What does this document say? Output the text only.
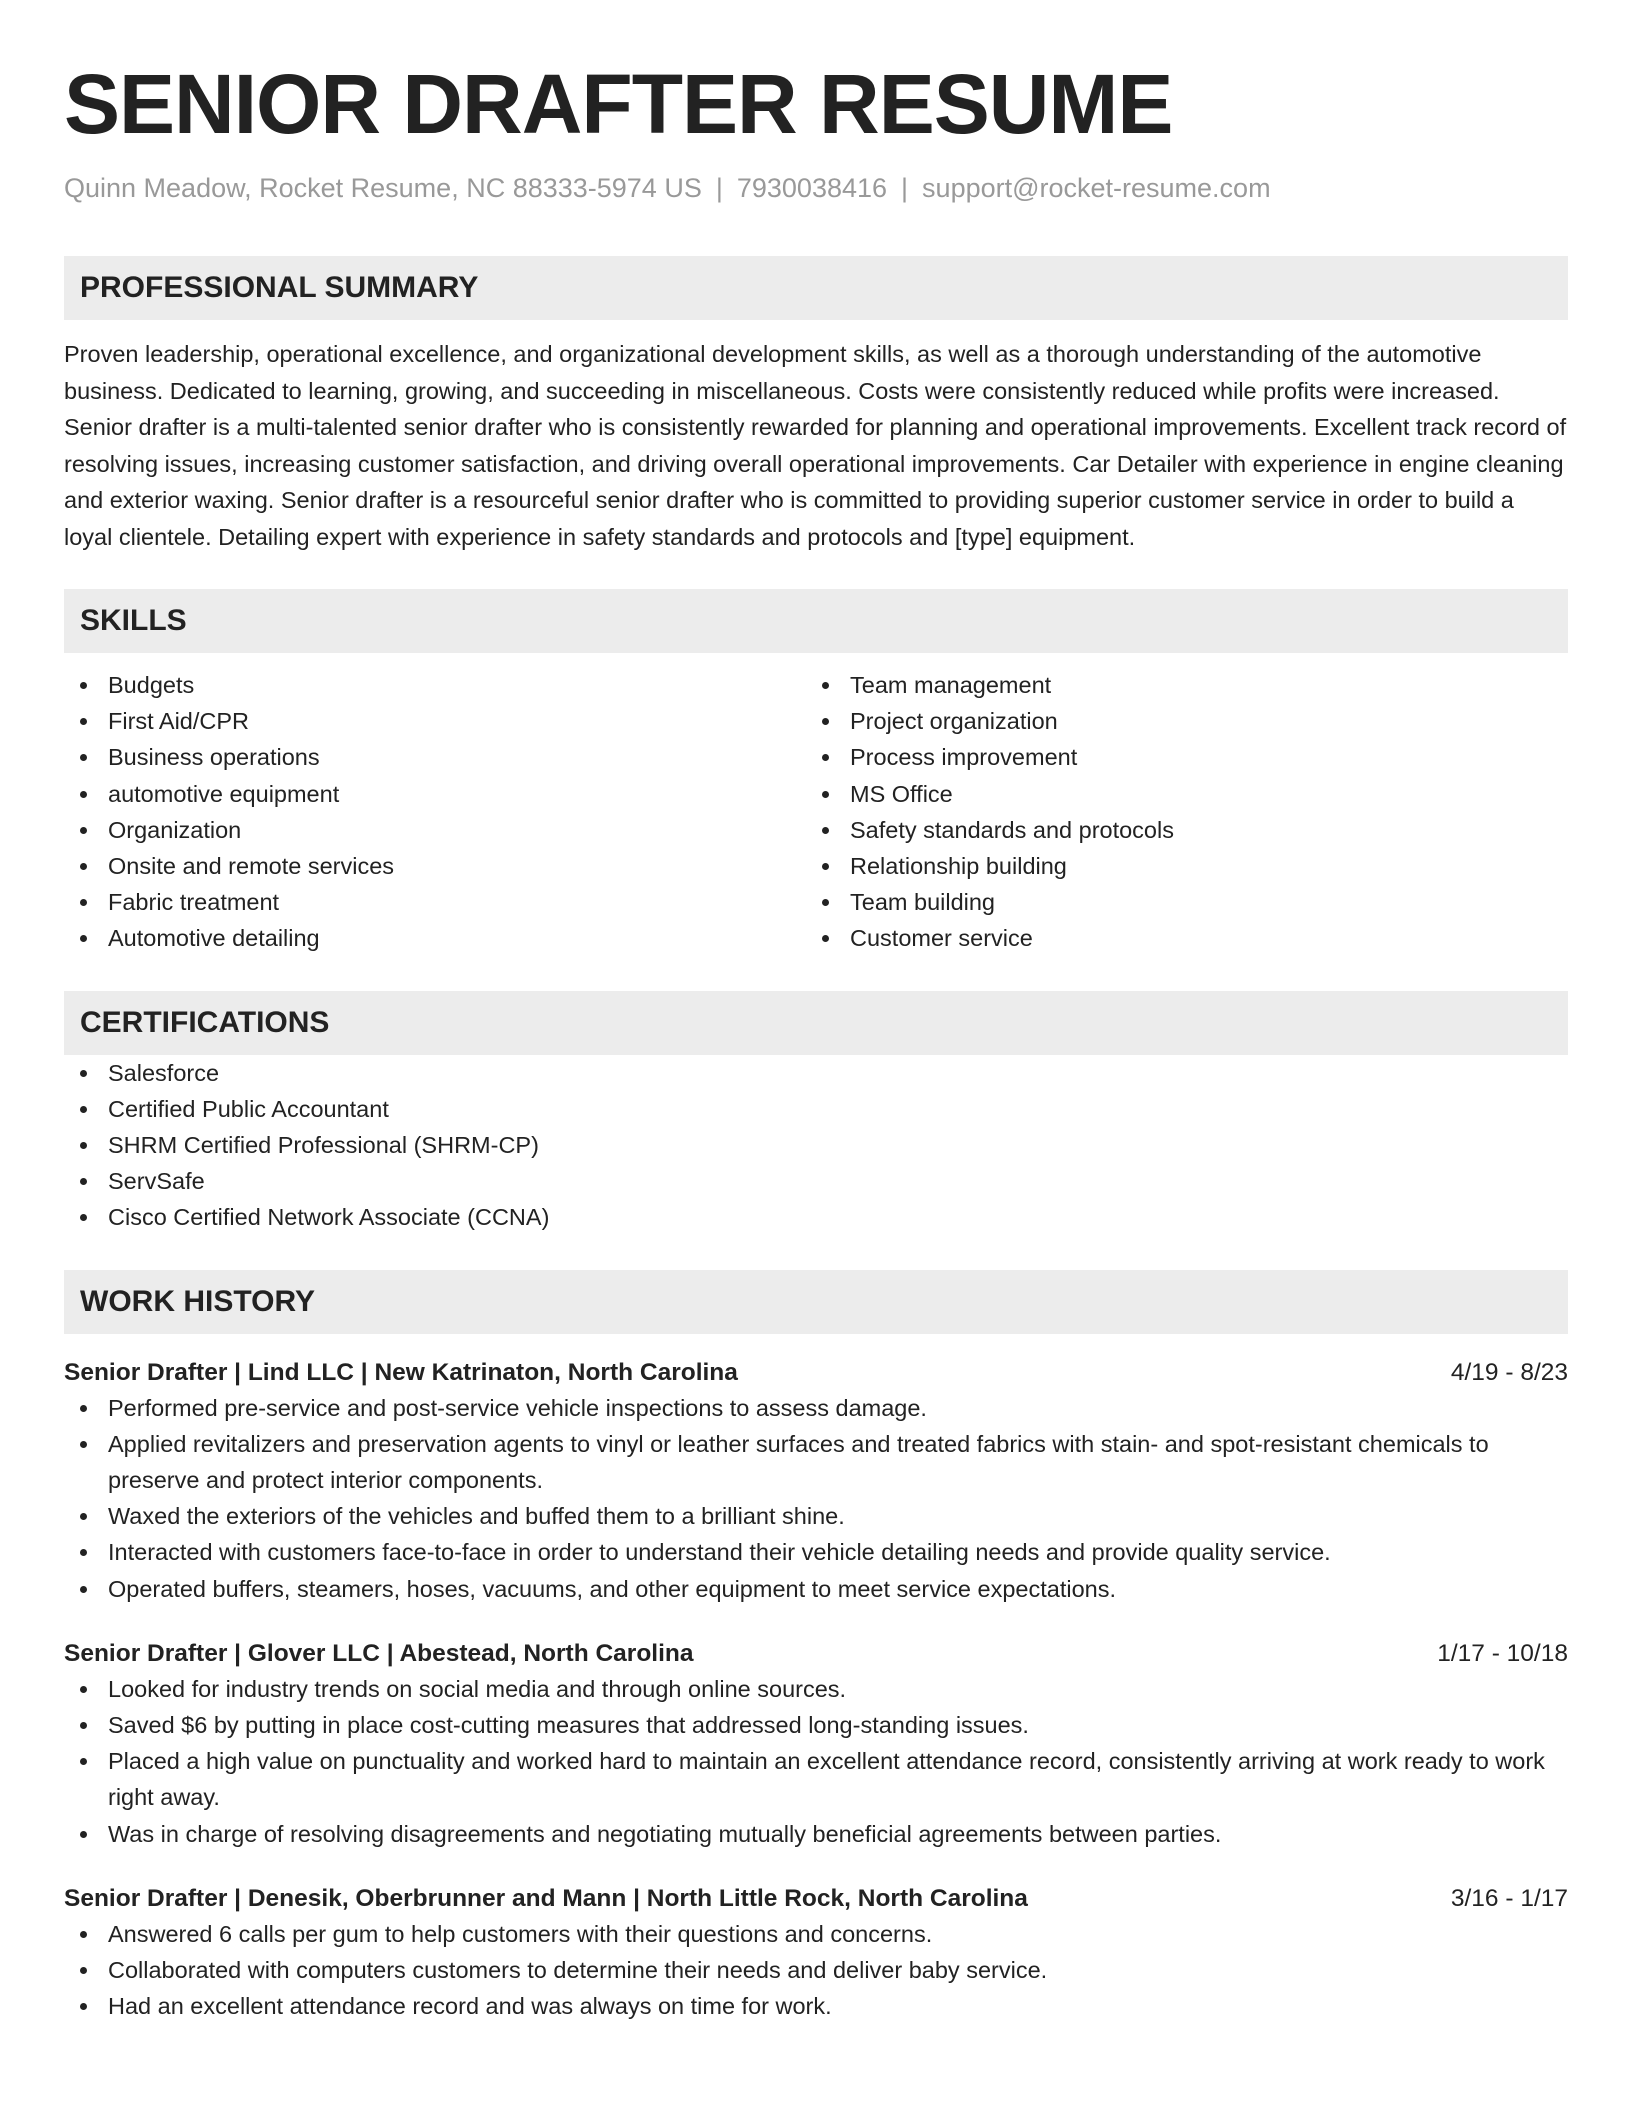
SENIOR DRAFTER RESUME
Quinn Meadow, Rocket Resume, NC 88333-5974 US | 7930038416 | support@rocket-resume.com
PROFESSIONAL SUMMARY
Proven leadership, operational excellence, and organizational development skills, as well as a thorough understanding of the automotive business. Dedicated to learning, growing, and succeeding in miscellaneous. Costs were consistently reduced while profits were increased. Senior drafter is a multi-talented senior drafter who is consistently rewarded for planning and operational improvements. Excellent track record of resolving issues, increasing customer satisfaction, and driving overall operational improvements. Car Detailer with experience in engine cleaning and exterior waxing. Senior drafter is a resourceful senior drafter who is committed to providing superior customer service in order to build a loyal clientele. Detailing expert with experience in safety standards and protocols and [type] equipment.
SKILLS
Budgets
First Aid/CPR
Business operations
automotive equipment
Organization
Onsite and remote services
Fabric treatment
Automotive detailing
Team management
Project organization
Process improvement
MS Office
Safety standards and protocols
Relationship building
Team building
Customer service
CERTIFICATIONS
Salesforce
Certified Public Accountant
SHRM Certified Professional (SHRM-CP)
ServSafe
Cisco Certified Network Associate (CCNA)
WORK HISTORY
Senior Drafter | Lind LLC | New Katrinaton, North Carolina	4/19 - 8/23
Performed pre-service and post-service vehicle inspections to assess damage.
Applied revitalizers and preservation agents to vinyl or leather surfaces and treated fabrics with stain- and spot-resistant chemicals to preserve and protect interior components.
Waxed the exteriors of the vehicles and buffed them to a brilliant shine.
Interacted with customers face-to-face in order to understand their vehicle detailing needs and provide quality service.
Operated buffers, steamers, hoses, vacuums, and other equipment to meet service expectations.
Senior Drafter | Glover LLC | Abestead, North Carolina	1/17 - 10/18
Looked for industry trends on social media and through online sources.
Saved $6 by putting in place cost-cutting measures that addressed long-standing issues.
Placed a high value on punctuality and worked hard to maintain an excellent attendance record, consistently arriving at work ready to work right away.
Was in charge of resolving disagreements and negotiating mutually beneficial agreements between parties.
Senior Drafter | Denesik, Oberbrunner and Mann | North Little Rock, North Carolina	3/16 - 1/17
Answered 6 calls per gum to help customers with their questions and concerns.
Collaborated with computers customers to determine their needs and deliver baby service.
Had an excellent attendance record and was always on time for work.
